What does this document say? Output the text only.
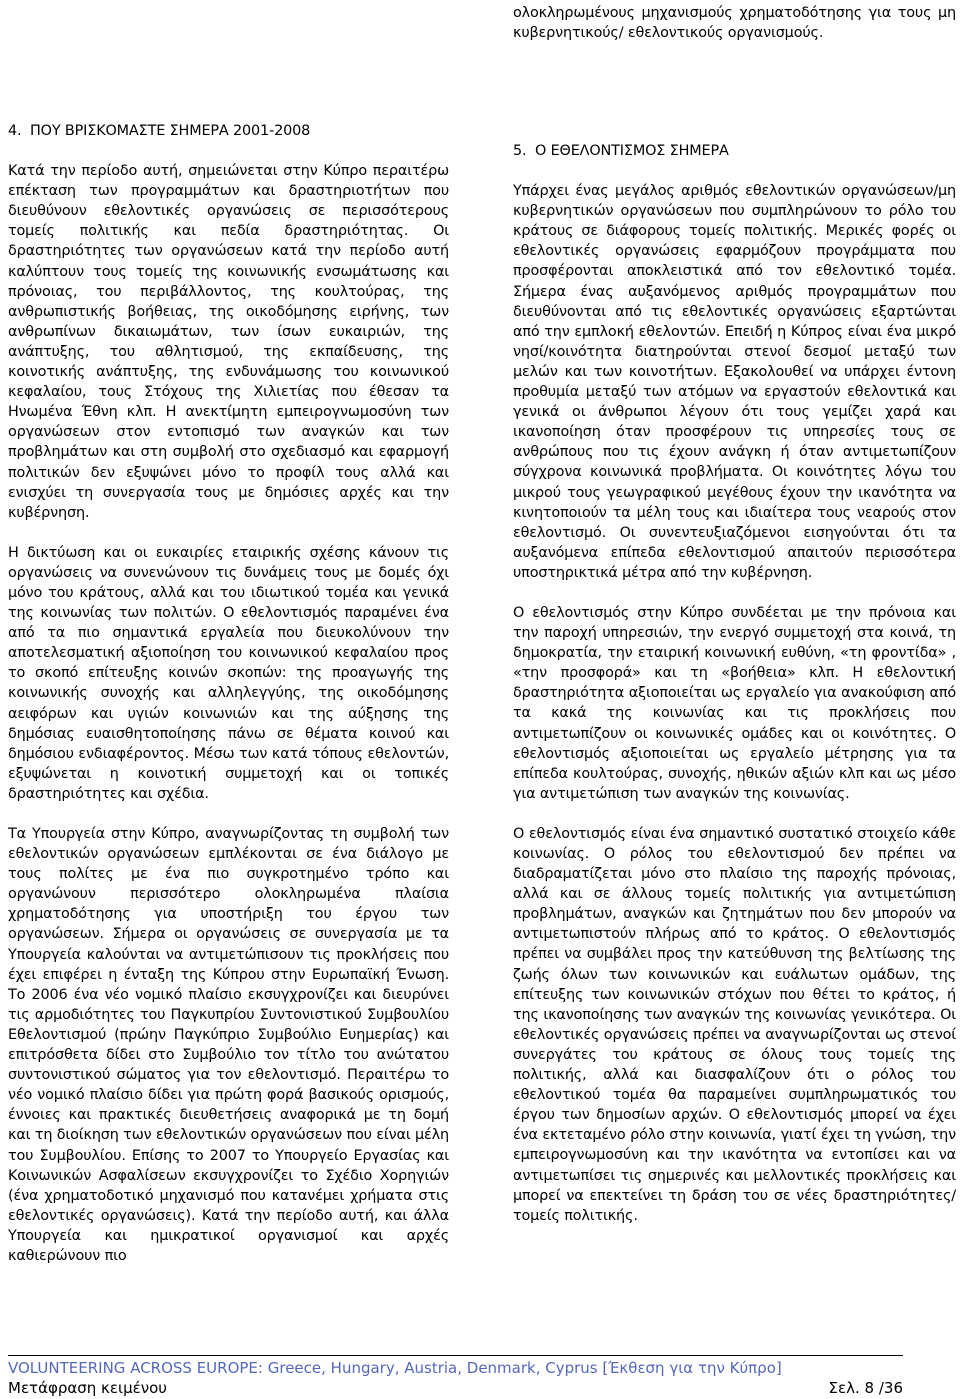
ολοκληρωμένους μηχανισμούς χρηματοδότησης για τους μη κυβερνητικούς/ εθελοντικούς οργανισμούς.

4. ΠΟΥ ΒΡΙΣΚΟΜΑΣΤΕ ΣΗΜΕΡΑ 2001-2008

Κατά την περίοδο αυτή, σημειώνεται στην Κύπρο περαιτέρω επέκταση των προγραμμάτων και δραστηριοτήτων που διευθύνουν εθελοντικές οργανώσεις σε περισσότερους τομείς πολιτικής και πεδία δραστηριότητας. Οι δραστηριότητες των οργανώσεων κατά την περίοδο αυτή καλύπτουν τους τομείς της κοινωνικής ενσωμάτωσης και πρόνοιας, του περιβάλλοντος, της κουλτούρας, της ανθρωπιστικής βοήθειας, της οικοδόμησης ειρήνης, των ανθρωπίνων δικαιωμάτων, των ίσων ευκαιριών, της ανάπτυξης, του αθλητισμού, της εκπαίδευσης, της κοινοτικής ανάπτυξης, της ενδυνάμωσης του κοινωνικού κεφαλαίου, τους Στόχους της Χιλιετίας που έθεσαν τα Ηνωμένα Έθνη κλπ. Η ανεκτίμητη εμπειρογνωμοσύνη των οργανώσεων στον εντοπισμό των αναγκών και των προβλημάτων και στη συμβολή στο σχεδιασμό και εφαρμογή πολιτικών δεν εξυψώνει μόνο το προφίλ τους αλλά και ενισχύει τη συνεργασία τους με δημόσιες αρχές και την κυβέρνηση.

Η δικτύωση και οι ευκαιρίες εταιρικής σχέσης κάνουν τις οργανώσεις να συνενώνουν τις δυνάμεις τους με δομές όχι μόνο του κράτους, αλλά και του ιδιωτικού τομέα και γενικά της κοινωνίας των πολιτών. Ο εθελοντισμός παραμένει ένα από τα πιο σημαντικά εργαλεία που διευκολύνουν την αποτελεσματική αξιοποίηση του κοινωνικού κεφαλαίου προς το σκοπό επίτευξης κοινών σκοπών: της προαγωγής της κοινωνικής συνοχής και αλληλεγγύης, της οικοδόμησης αειφόρων και υγιών κοινωνιών και της αύξησης της δημόσιας ευαισθητοποίησης πάνω σε θέματα κοινού και δημόσιου ενδιαφέροντος. Μέσω των κατά τόπους εθελοντών, εξυψώνεται η κοινοτική συμμετοχή και οι τοπικές δραστηριότητες και σχέδια.

Τα Υπουργεία στην Κύπρο, αναγνωρίζοντας τη συμβολή των εθελοντικών οργανώσεων εμπλέκονται σε ένα διάλογο με τους πολίτες με ένα πιο συγκροτημένο τρόπο και οργανώνουν περισσότερο ολοκληρωμένα πλαίσια χρηματοδότησης για υποστήριξη του έργου των οργανώσεων. Σήμερα οι οργανώσεις σε συνεργασία με τα Υπουργεία καλούνται να αντιμετώπισουν τις προκλήσεις που έχει επιφέρει η ένταξη της Κύπρου στην Ευρωπαϊκή Ένωση. Το 2006 ένα νέο νομικό πλαίσιο εκσυγχρονίζει και διευρύνει τις αρμοδιότητες του Παγκυπρίου Συντονιστικού Συμβουλίου Εθελοντισμού (πρώην Παγκύπριο Συμβούλιο Ευημερίας) και επιτρόσθετα δίδει στο Συμβούλιο τον τίτλο του ανώτατου συντονιστικού σώματος για τον εθελοντισμό. Περαιτέρω το νέο νομικό πλαίσιο δίδει για πρώτη φορά βασικούς ορισμούς, έννοιες και πρακτικές διευθετήσεις αναφορικά με τη δομή και τη διοίκηση των εθελοντικών οργανώσεων που είναι μέλη του Συμβουλίου. Επίσης το 2007 το Υπουργείο Εργασίας και Κοινωνικών Ασφαλίσεων εκσυγχρονίζει το Σχέδιο Χορηγιών (ένα χρηματοδοτικό μηχανισμό που κατανέμει χρήματα στις εθελοντικές οργανώσεις). Κατά την περίοδο αυτή, και άλλα Υπουργεία και ημικρατικοί οργανισμοί και αρχές καθιερώνουν πιο

5. Ο ΕΘΕΛΟΝΤΙΣΜΟΣ ΣΗΜΕΡΑ

Υπάρχει ένας μεγάλος αριθμός εθελοντικών οργανώσεων/μη κυβερνητικών οργανώσεων που συμπληρώνουν το ρόλο του κράτους σε διάφορους τομείς πολιτικής. Μερικές φορές οι εθελοντικές οργανώσεις εφαρμόζουν προγράμματα που προσφέρονται αποκλειστικά από τον εθελοντικό τομέα. Σήμερα ένας αυξανόμενος αριθμός προγραμμάτων που διευθύνονται από τις εθελοντικές οργανώσεις εξαρτώνται από την εμπλοκή εθελοντών. Επειδή η Κύπρος είναι ένα μικρό νησί/κοινότητα διατηρούνται στενοί δεσμοί μεταξύ των μελών και των κοινοτήτων. Εξακολουθεί να υπάρχει έντονη προθυμία μεταξύ των ατόμων να εργαστούν εθελοντικά και γενικά οι άνθρωποι λέγουν ότι τους γεμίζει χαρά και ικανοποίηση όταν προσφέρουν τις υπηρεσίες τους σε ανθρώπους που τις έχουν ανάγκη ή όταν αντιμετωπίζουν σύγχρονα κοινωνικά προβλήματα. Οι κοινότητες λόγω του μικρού τους γεωγραφικού μεγέθους έχουν την ικανότητα να κινητοποιούν τα μέλη τους και ιδιαίτερα τους νεαρούς στον εθελοντισμό. Οι συνεντευξιαζόμενοι εισηγούνται ότι τα αυξανόμενα επίπεδα εθελοντισμού απαιτούν περισσότερα υποστηρικτικά μέτρα από την κυβέρνηση.

Ο εθελοντισμός στην Κύπρο συνδέεται με την πρόνοια και την παροχή υπηρεσιών, την ενεργό συμμετοχή στα κοινά, τη δημοκρατία, την εταιρική κοινωνική ευθύνη, «τη φροντίδα» , «την προσφορά» και τη «βοήθεια» κλπ. Η εθελοντική δραστηριότητα αξιοποιείται ως εργαλείο για ανακούφιση από τα κακά της κοινωνίας και τις προκλήσεις που αντιμετωπίζουν οι κοινωνικές ομάδες και οι κοινότητες. Ο εθελοντισμός αξιοποιείται ως εργαλείο μέτρησης για τα επίπεδα κουλτούρας, συνοχής, ηθικών αξιών κλπ και ως μέσο για αντιμετώπιση των αναγκών της κοινωνίας.

Ο εθελοντισμός είναι ένα σημαντικό συστατικό στοιχείο κάθε κοινωνίας. Ο ρόλος του εθελοντισμού δεν πρέπει να διαδραματίζεται μόνο στο πλαίσιο της παροχής πρόνοιας, αλλά και σε άλλους τομείς πολιτικής για αντιμετώπιση προβλημάτων, αναγκών και ζητημάτων που δεν μπορούν να αντιμετωπιστούν πλήρως από το κράτος. Ο εθελοντισμός πρέπει να συμβάλει προς την κατεύθυνση της βελτίωσης της ζωής όλων των κοινωνικών και ευάλωτων ομάδων, της επίτευξης των κοινωνικών στόχων που θέτει το κράτος, ή της ικανοποίησης των αναγκών της κοινωνίας γενικότερα. Οι εθελοντικές οργανώσεις πρέπει να αναγνωρίζονται ως στενοί συνεργάτες του κράτους σε όλους τους τομείς της πολιτικής, αλλά και διασφαλίζουν ότι ο ρόλος του εθελοντικού τομέα θα παραμείνει συμπληρωματικός του έργου των δημοσίων αρχών. Ο εθελοντισμός μπορεί να έχει ένα εκτεταμένο ρόλο στην κοινωνία, γιατί έχει τη γνώση, την εμπειρογνωμοσύνη και την ικανότητα να εντοπίσει και να αντιμετωπίσει τις σημερινές και μελλοντικές προκλήσεις και μπορεί να επεκτείνει τη δράση του σε νέες δραστηριότητες/τομείς πολιτικής.

VOLUNTEERING ACROSS EUROPE: Greece, Hungary, Austria, Denmark, Cyprus [Έκθεση για την Κύπρο]
Μετάφραση κειμένου	Σελ. 8 /36
